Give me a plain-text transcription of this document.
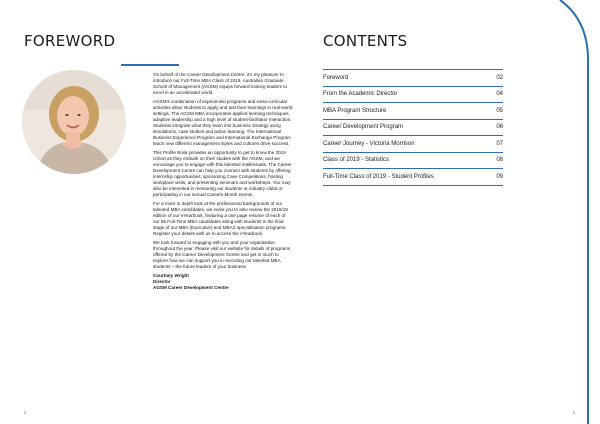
FOREWORD

On behalf of the Career Development Centre, it's my pleasure to introduce our Full-Time MBA Class of 2019. Australian Graduate School of Management (AGSM) equips forward-looking leaders to excel in an accelerated world.

AGSM's combination of experiential programs and extra-curricular activities allow students to apply and test their learnings in real-world settings. The AGSM MBA incorporates applied learning techniques, adaptive leadership and a high level of student-facilitator interaction. Students integrate what they learn into business strategy using simulations, case studies and action learning. The International Business Experience Program and International Exchange Program teach new different management styles and cultures drive success.

This Profile Book provides an opportunity to get to know the 2019 cohort as they embark on their studies with the AGSM, and we encourage you to engage with this talented intellectuals. The Career Development Centre can help you connect with students by offering internship opportunities, sponsoring Case Competitions, hosting workplace visits, and presenting seminars and workshops. You may also be interested in mentoring our students or industry clubs or participating in our annual Careers Month events.

For a more in depth look at the professional backgrounds of our talented MBA candidates, we invite you to also review the 2018/19 edition of our eYearbook, featuring a one page resume of each of our 56 Full-Time MBA candidates along with students in the final stage of our MBA (Executive) and MBAX specialisation programs. Register your details with us to access the eYearbook.

We look forward to engaging with you and your organisation throughout the year. Please visit our website for details of programs offered by the Career Development Centre and get in touch to explore how we can support you in recruiting our talented MBA students – the future leaders of your business.

Courtney Wright
Director
AGSM Career Development Centre
2
CONTENTS
Foreword	02
From the Academic Director	04
MBA Program Structure	05
Career Development Program	06
Career Journey - Victoria Morrison	07
Class of 2019 - Statistics	08
Full-Time Class of 2019 - Student Profiles	09
3
